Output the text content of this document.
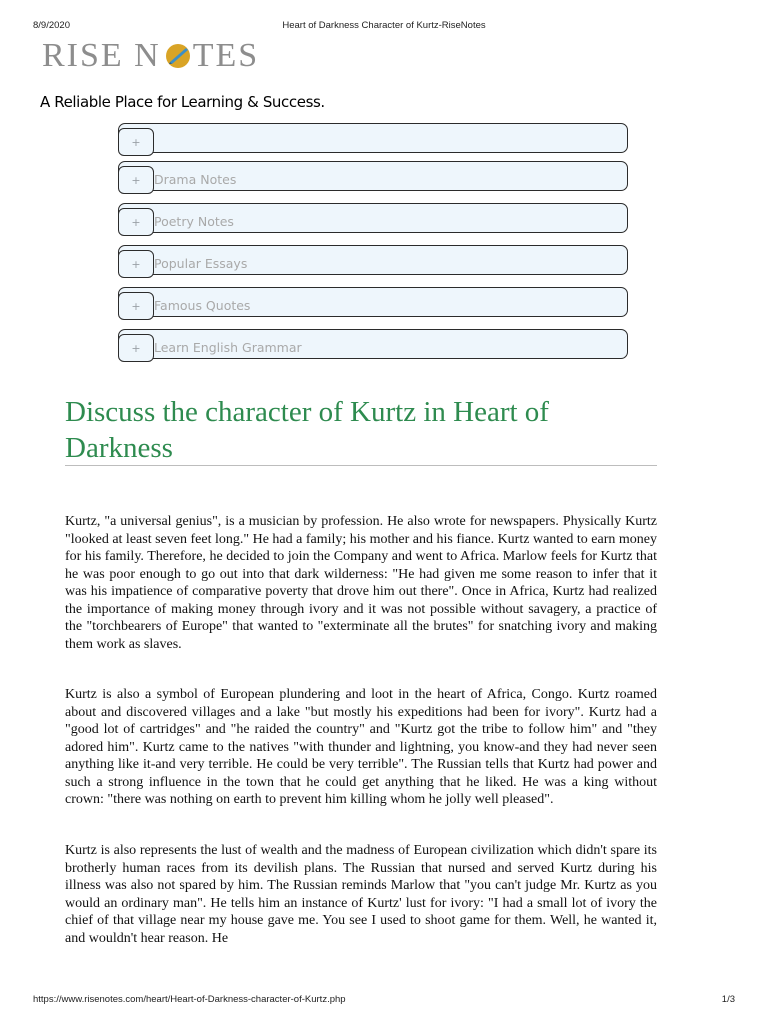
8/9/2020	Heart of Darkness Character of Kurtz-RiseNotes
RISE N TES
A Reliable Place for Learning & Success.
+
+	Drama Notes
+	Poetry Notes
+	Popular Essays
+	Famous Quotes
+	Learn English Grammar
Discuss the character of Kurtz in Heart of Darkness

Kurtz, "a universal genius", is a musician by profession. He also wrote for newspapers. Physically Kurtz "looked at least seven feet long." He had a family; his mother and his fiance. Kurtz wanted to earn money for his family. Therefore, he decided to join the Company and went to Africa. Marlow feels for Kurtz that he was poor enough to go out into that dark wilderness: "He had given me some reason to infer that it was his impatience of comparative poverty that drove him out there". Once in Africa, Kurtz had realized the importance of making money through ivory and it was not possible without savagery, a practice of the "torchbearers of Europe" that wanted to "exterminate all the brutes" for snatching ivory and making them work as slaves.

Kurtz is also a symbol of European plundering and loot in the heart of Africa, Congo. Kurtz roamed about and discovered villages and a lake "but mostly his expeditions had been for ivory". Kurtz had a "good lot of cartridges" and "he raided the country" and "Kurtz got the tribe to follow him" and "they adored him". Kurtz came to the natives "with thunder and lightning, you know-and they had never seen anything like it-and very terrible. He could be very terrible". The Russian tells that Kurtz had power and such a strong influence in the town that he could get anything that he liked. He was a king without crown: "there was nothing on earth to prevent him killing whom he jolly well pleased".

Kurtz is also represents the lust of wealth and the madness of European civilization which didn't spare its brotherly human races from its devilish plans. The Russian that nursed and served Kurtz during his illness was also not spared by him. The Russian reminds Marlow that "you can't judge Mr. Kurtz as you would an ordinary man". He tells him an instance of Kurtz' lust for ivory: "I had a small lot of ivory the chief of that village near my house gave me. You see I used to shoot game for them. Well, he wanted it, and wouldn't hear reason. He

https://www.risenotes.com/heart/Heart-of-Darkness-character-of-Kurtz.php	1/3
